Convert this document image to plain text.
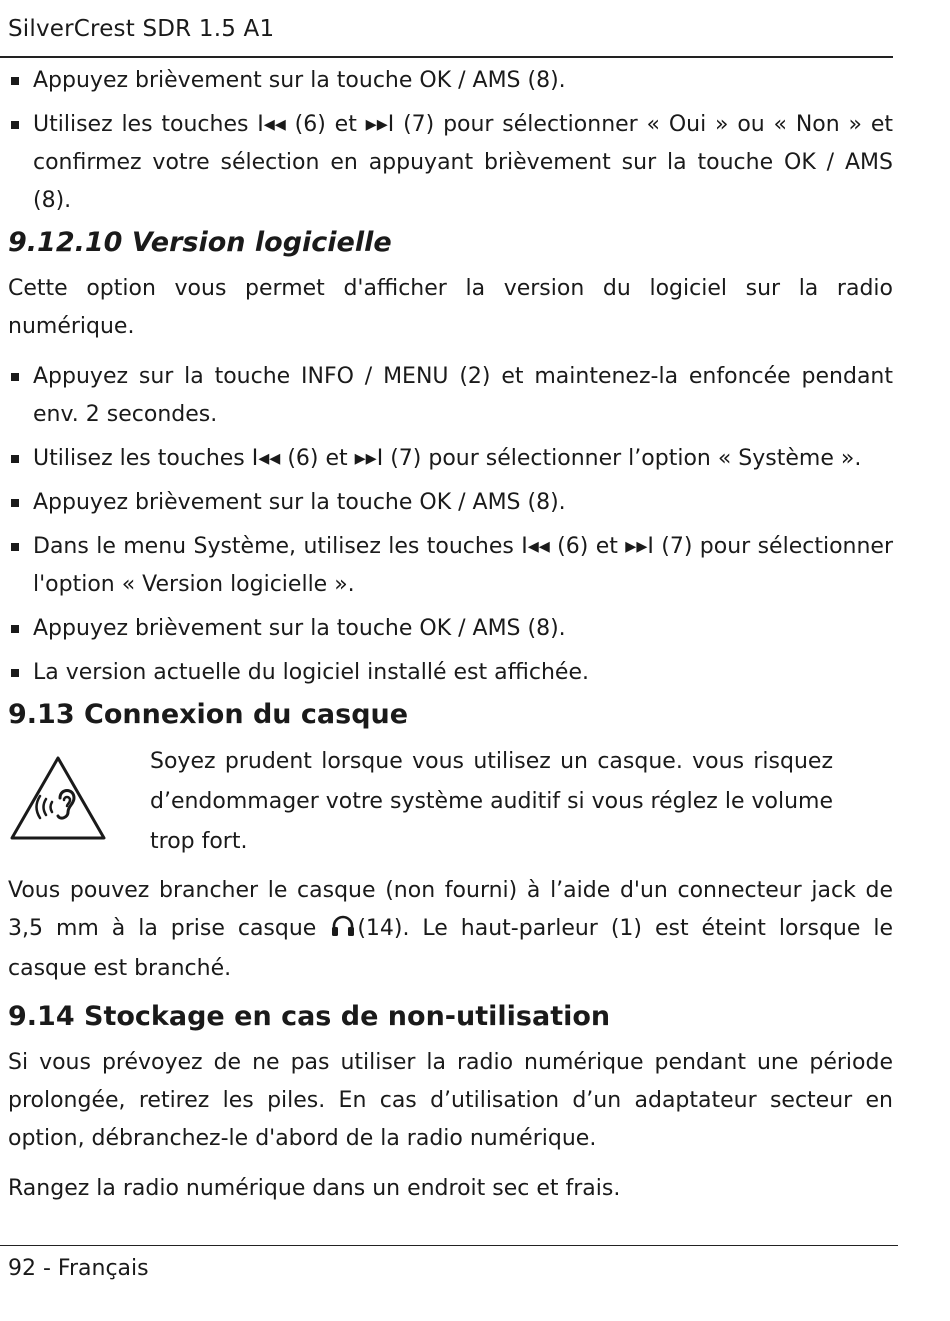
SilverCrest SDR 1.5 A1
Appuyez brièvement sur la touche OK / AMS (8).
Utilisez les touches I◂◂ (6) et ▸▸I (7) pour sélectionner « Oui » ou « Non » et confirmez votre sélection en appuyant brièvement sur la touche OK / AMS (8).
9.12.10 Version logicielle

Cette option vous permet d'afficher la version du logiciel sur la radio numérique.

Appuyez sur la touche INFO / MENU (2) et maintenez-la enfoncée pendant env. 2 secondes.
Utilisez les touches I◂◂ (6) et ▸▸I (7) pour sélectionner l’option « Système ».
Appuyez brièvement sur la touche OK / AMS (8).
Dans le menu Système, utilisez les touches I◂◂ (6) et ▸▸I (7) pour sélectionner l'option « Version logicielle ».
Appuyez brièvement sur la touche OK / AMS (8).
La version actuelle du logiciel installé est affichée.
9.13 Connexion du casque
Soyez prudent lorsque vous utilisez un casque. vous risquez d’endommager votre système auditif si vous réglez le volume trop fort.

Vous pouvez brancher le casque (non fourni) à l’aide d'un connecteur jack de 3,5 mm à la prise casque (14). Le haut-parleur (1) est éteint lorsque le casque est branché.

9.14 Stockage en cas de non-utilisation

Si vous prévoyez de ne pas utiliser la radio numérique pendant une période prolongée, retirez les piles. En cas d’utilisation d’un adaptateur secteur en option, débranchez-le d'abord de la radio numérique.

Rangez la radio numérique dans un endroit sec et frais.

92 - Français
